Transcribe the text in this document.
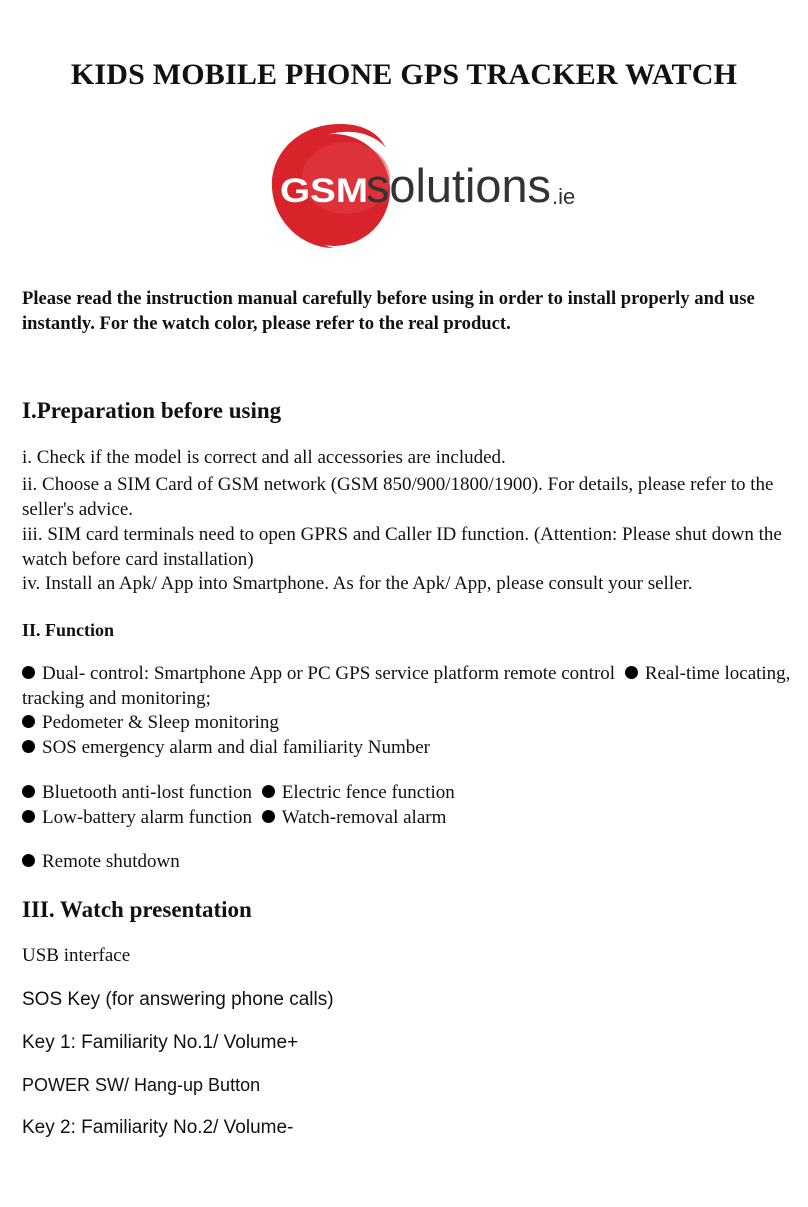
KIDS MOBILE PHONE GPS TRACKER WATCH
GSM
solutions .ie
Please read the instruction manual carefully before using in order to install properly and use instantly. For the watch color, please refer to the real product.
I.Preparation before using
i. Check if the model is correct and all accessories are included.
ii. Choose a SIM Card of GSM network (GSM 850/900/1800/1900). For details, please refer to the seller's advice.
iii. SIM card terminals need to open GPRS and Caller ID function. (Attention: Please shut down the watch before card installation)
iv. Install an Apk/ App into Smartphone. As for the Apk/ App, please consult your seller.
II. Function
Dual- control: Smartphone App or PC GPS service platform remote control Real-time locating, tracking and monitoring;
Pedometer & Sleep monitoring
SOS emergency alarm and dial familiarity Number
Bluetooth anti-lost function Electric fence function
Low-battery alarm function Watch-removal alarm
Remote shutdown
III. Watch presentation
USB interface
SOS Key (for answering phone calls)
Key 1: Familiarity No.1/ Volume+
POWER SW/ Hang-up Button
Key 2: Familiarity No.2/ Volume-
